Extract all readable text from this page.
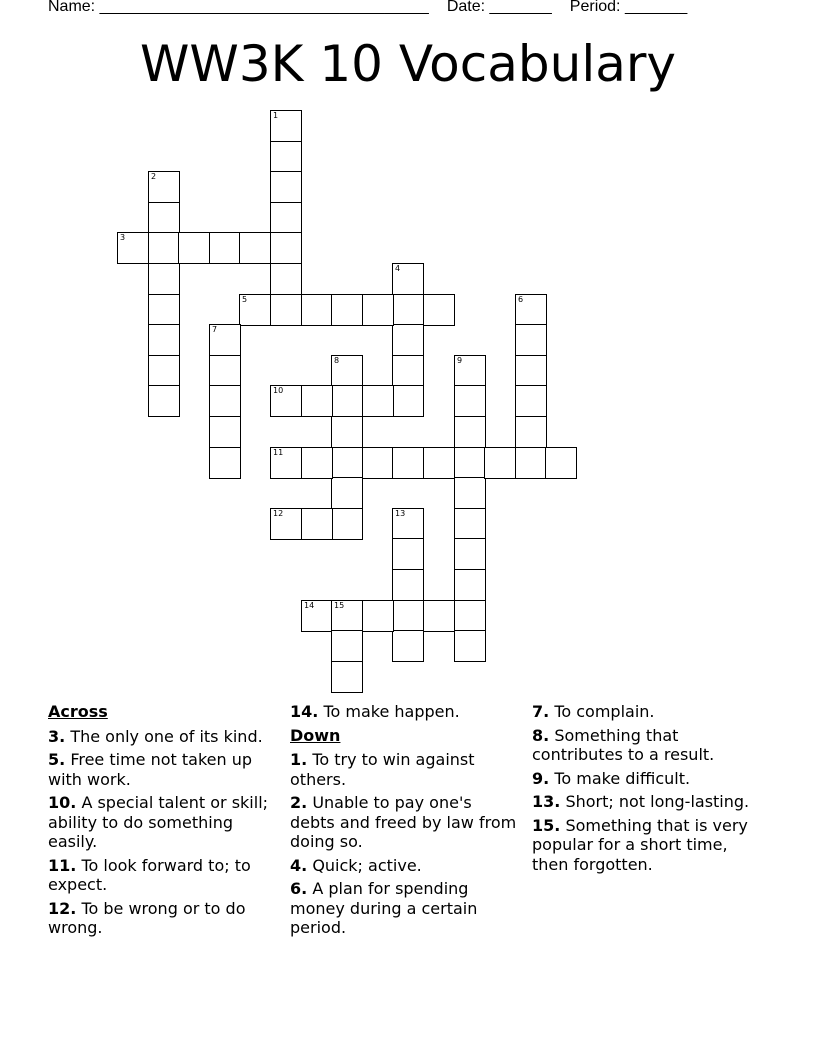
Name: _____________________________________ Date: _______ Period: _______
WW3K 10 Vocabulary
1
2
3
4
5	6
7
8	9
10
11
12	13
14 15
Across
3. The only one of its kind.
5. Free time not taken up with work.
10. A special talent or skill; ability to do something easily.
11. To look forward to; to expect.
12. To be wrong or to do wrong.
14. To make happen.
Down
1. To try to win against others.
2. Unable to pay one's debts and freed by law from doing so.
4. Quick; active.
6. A plan for spending money during a certain period.
7. To complain.
8. Something that contributes to a result.
9. To make difficult.
13. Short; not long-lasting.
15. Something that is very popular for a short time, then forgotten.
